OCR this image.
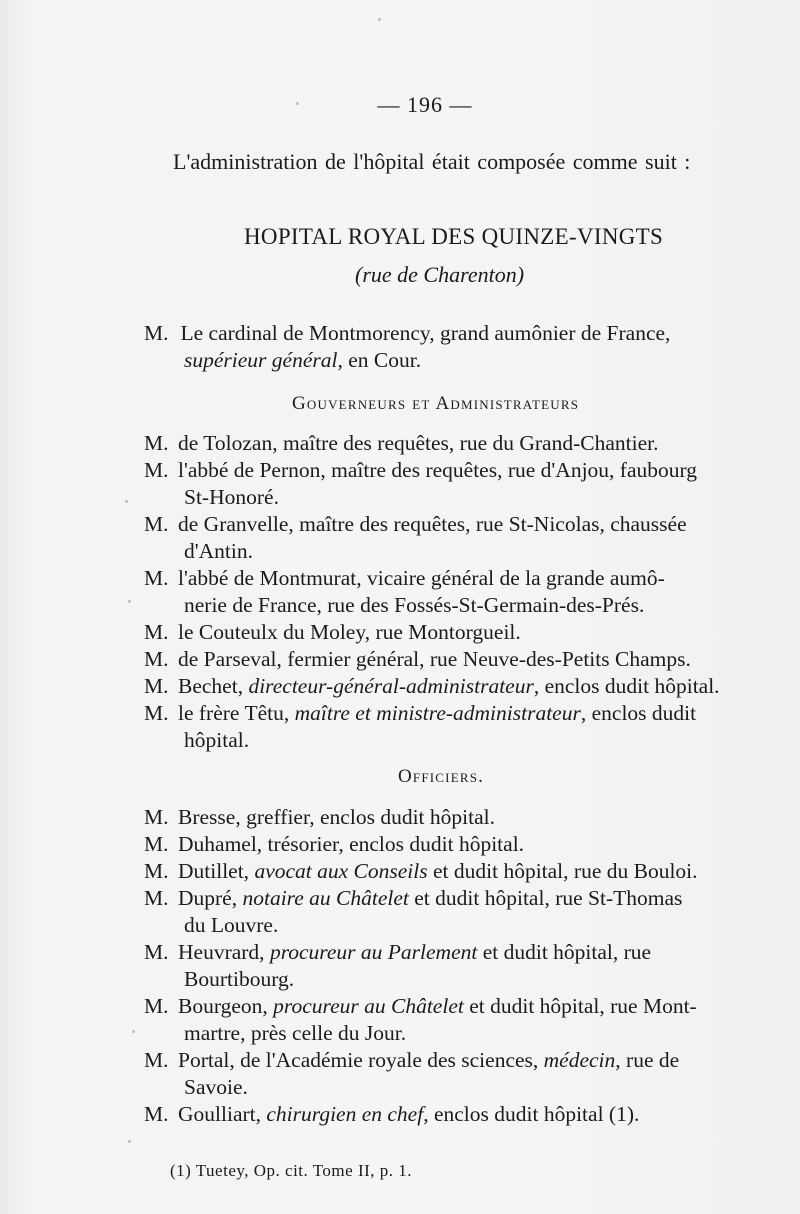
— 196 —
L'administration de l'hôpital était composée comme suit :
HOPITAL ROYAL DES QUINZE-VINGTS
(rue de Charenton)
M. Le cardinal de Montmorency, grand aumônier de France,
supérieur général, en Cour.
Gouverneurs et Administrateurs
M. de Tolozan, maître des requêtes, rue du Grand-Chantier.
M. l'abbé de Pernon, maître des requêtes, rue d'Anjou, faubourg
St-Honoré.
M. de Granvelle, maître des requêtes, rue St-Nicolas, chaussée
d'Antin.
M. l'abbé de Montmurat, vicaire général de la grande aumô-
nerie de France, rue des Fossés-St-Germain-des-Prés.
M. le Couteulx du Moley, rue Montorgueil.
M. de Parseval, fermier général, rue Neuve-des-Petits Champs.
M. Bechet, directeur-général-administrateur, enclos dudit hôpital.
M. le frère Têtu, maître et ministre-administrateur, enclos dudit
hôpital.
Officiers.
M. Bresse, greffier, enclos dudit hôpital.
M. Duhamel, trésorier, enclos dudit hôpital.
M. Dutillet, avocat aux Conseils et dudit hôpital, rue du Bouloi.
M. Dupré, notaire au Châtelet et dudit hôpital, rue St-Thomas
du Louvre.
M. Heuvrard, procureur au Parlement et dudit hôpital, rue
Bourtibourg.
M. Bourgeon, procureur au Châtelet et dudit hôpital, rue Mont-
martre, près celle du Jour.
M. Portal, de l'Académie royale des sciences, médecin, rue de
Savoie.
M. Goulliart, chirurgien en chef, enclos dudit hôpital (1).
(1) Tuetey, Op. cit. Tome II, p. 1.
